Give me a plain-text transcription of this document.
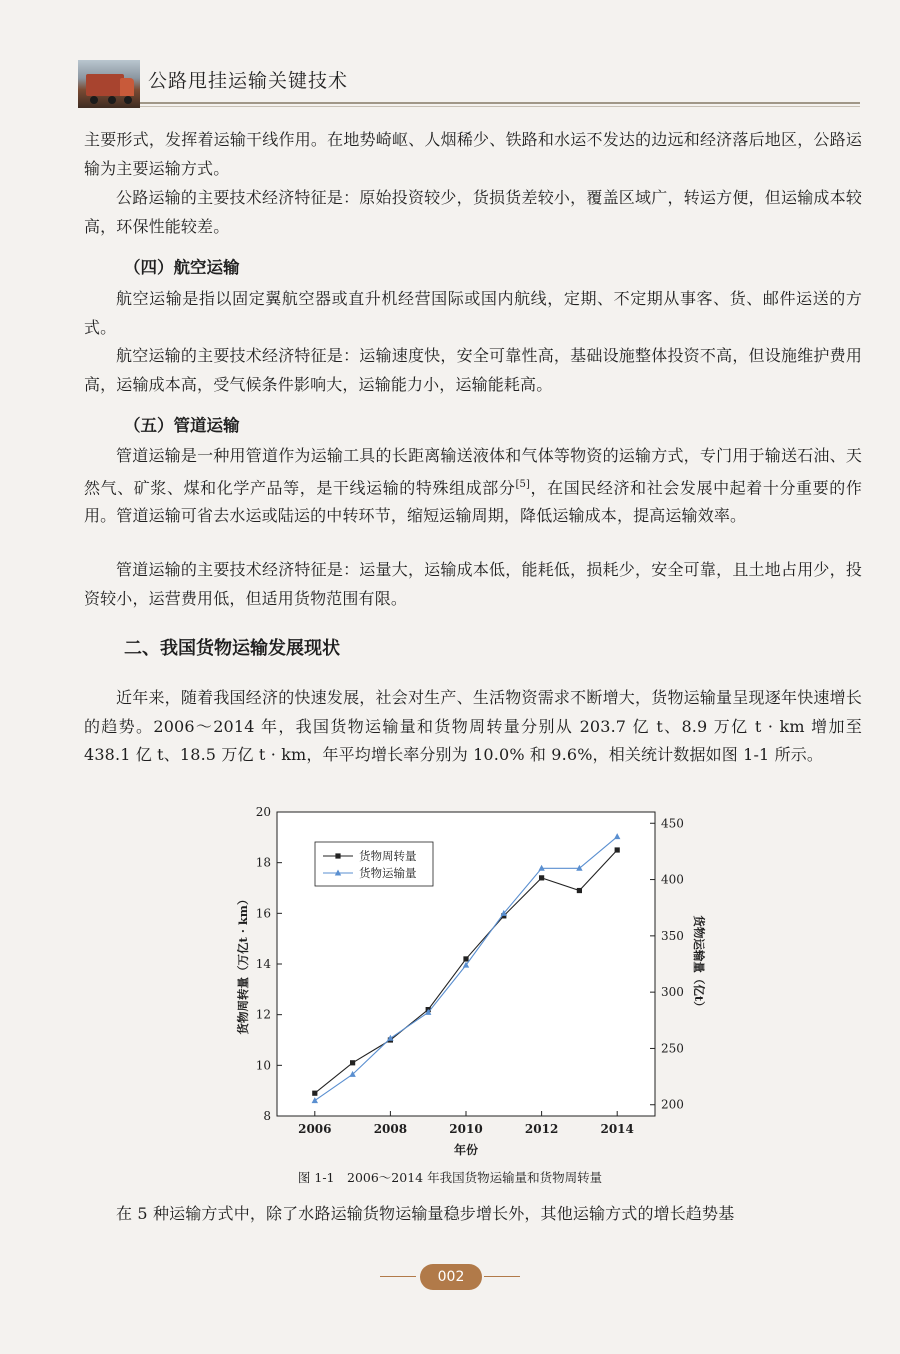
公路甩挂运输关键技术

主要形式，发挥着运输干线作用。在地势崎岖、人烟稀少、铁路和水运不发达的边远和经济落后地区，公路运输为主要运输方式。

公路运输的主要技术经济特征是：原始投资较少，货损货差较小，覆盖区域广，转运方便，但运输成本较高，环保性能较差。

（四）航空运输

航空运输是指以固定翼航空器或直升机经营国际或国内航线，定期、不定期从事客、货、邮件运送的方式。

航空运输的主要技术经济特征是：运输速度快，安全可靠性高，基础设施整体投资不高，但设施维护费用高，运输成本高，受气候条件影响大，运输能力小，运输能耗高。

（五）管道运输

管道运输是一种用管道作为运输工具的长距离输送液体和气体等物资的运输方式，专门用于输送石油、天然气、矿浆、煤和化学产品等，是干线运输的特殊组成部分[5]，在国民经济和社会发展中起着十分重要的作用。管道运输可省去水运或陆运的中转环节，缩短运输周期，降低运输成本，提高运输效率。

管道运输的主要技术经济特征是：运量大，运输成本低，能耗低，损耗少，安全可靠，且土地占用少，投资较小，运营费用低，但适用货物范围有限。

二、我国货物运输发展现状

近年来，随着我国经济的快速发展，社会对生产、生活物资需求不断增大，货物运输量呈现逐年快速增长的趋势。2006～2014 年，我国货物运输量和货物周转量分别从 203.7 亿 t、8.9 万亿 t · km 增加至 438.1 亿 t、18.5 万亿 t · km，年平均增长率分别为 10.0% 和 9.6%，相关统计数据如图 1-1 所示。

2006	2008	2010	2012	2014
8
10
12
14
16
18
20
200
250
300
350
400
450
年份
货物周转量（万亿t · km）	货物运输量（亿t）
货物周转量
货物运输量

图 1-1　2006～2014 年我国货物运输量和货物周转量

在 5 种运输方式中，除了水路运输货物运输量稳步增长外，其他运输方式的增长趋势基

002
